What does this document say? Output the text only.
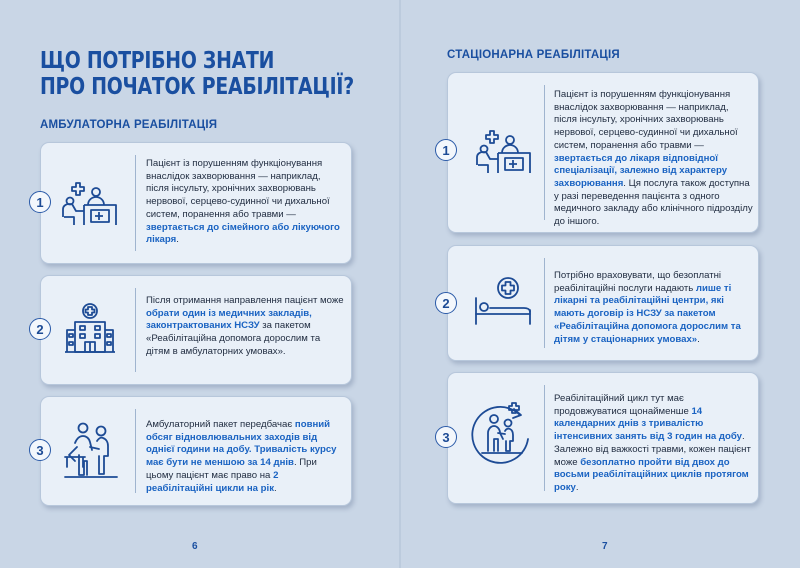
ЩО ПОТРІБНО ЗНАТИ
ПРО ПОЧАТОК РЕАБІЛІТАЦІЇ?
АМБУЛАТОРНА РЕАБІЛІТАЦІЯ
Пацієнт із порушенням функціонування внаслідок захворювання — наприклад, після інсульту, хронічних захворювань нервової, серцево-судинної чи дихальної систем, поранення або травми — звертається до сімейного або лікуючого лікаря.
1
Після отримання направлення пацієнт може обрати один із медичних закладів, законтрактованих НСЗУ за пакетом «Реабілітаційна допомога дорослим та дітям в амбулаторних умовах».
2
Амбулаторний пакет передбачає повний обсяг відновлювальних заходів від однієї години на добу. Тривалість курсу має бути не меншою за 14 днів. При цьому пацієнт має право на 2 реабілітаційні цикли на рік.
3
6
СТАЦІОНАРНА РЕАБІЛІТАЦІЯ
Пацієнт із порушенням функціонування внаслідок захворювання — наприклад, після інсульту, хронічних захворювань нервової, серцево-судинної чи дихальної систем, поранення або травми — звертається до лікаря відповідної спеціалізації, залежно від характеру захворювання. Ця послуга також доступна у разі переведення пацієнта з одного медичного закладу або клінічного підрозділу до іншого.
1
Потрібно враховувати, що безоплатні реабілітаційні послуги надають лише ті лікарні та реабілітаційні центри, які мають договір із НСЗУ за пакетом «Реабілітаційна допомога дорослим та дітям у стаціонарних умовах».
2
Реабілітаційний цикл тут має продовжуватися щонайменше 14 календарних днів з тривалістю інтенсивних занять від 3 годин на добу. Залежно від важкості травми, кожен пацієнт може безоплатно пройти від двох до восьми реабілітаційних циклів протягом року.
3
7
